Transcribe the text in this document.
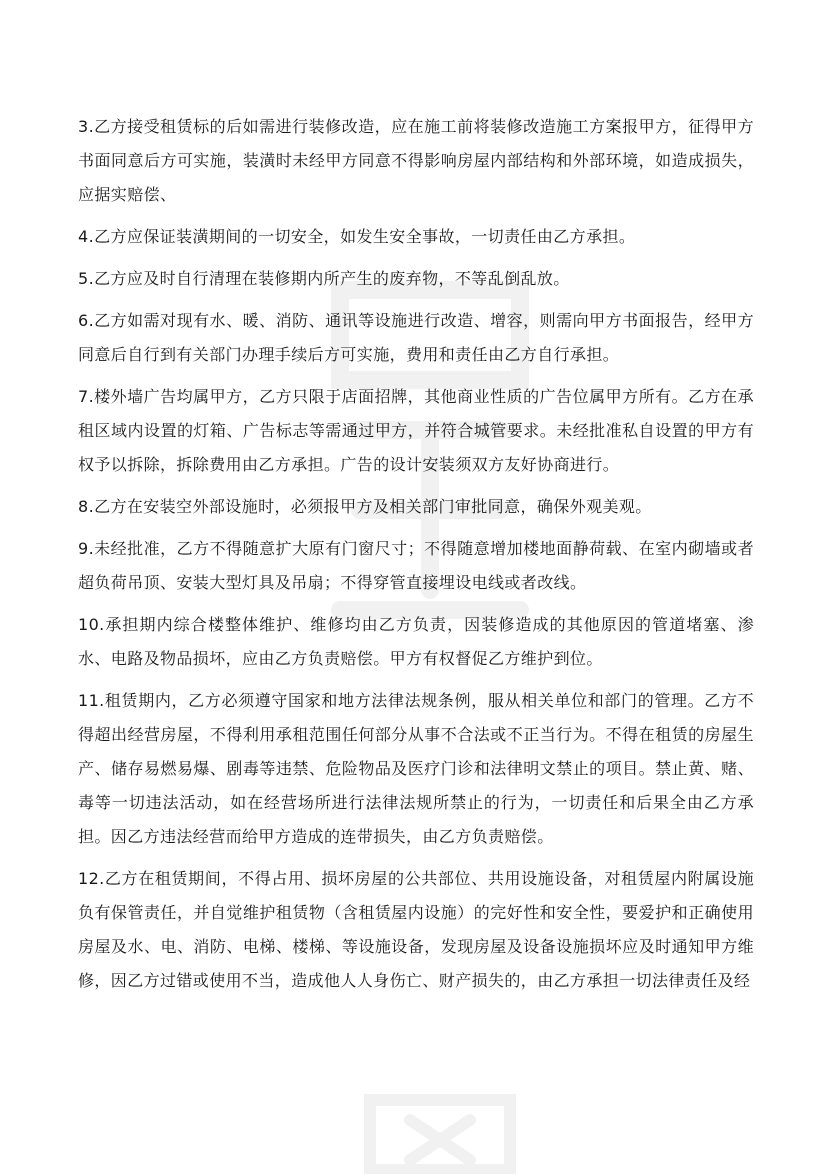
3.乙方接受租赁标的后如需进行装修改造，应在施工前将装修改造施工方案报甲方，征得甲方书面同意后方可实施，装潢时未经甲方同意不得影响房屋内部结构和外部环境，如造成损失，应据实赔偿、

4.乙方应保证装潢期间的一切安全，如发生安全事故，一切责任由乙方承担。

5.乙方应及时自行清理在装修期内所产生的废弃物，不等乱倒乱放。

6.乙方如需对现有水、暖、消防、通讯等设施进行改造、增容，则需向甲方书面报告，经甲方同意后自行到有关部门办理手续后方可实施，费用和责任由乙方自行承担。

7.楼外墙广告均属甲方，乙方只限于店面招牌，其他商业性质的广告位属甲方所有。乙方在承租区域内设置的灯箱、广告标志等需通过甲方，并符合城管要求。未经批准私自设置的甲方有权予以拆除，拆除费用由乙方承担。广告的设计安装须双方友好协商进行。

8.乙方在安装空外部设施时，必须报甲方及相关部门审批同意，确保外观美观。

9.未经批准，乙方不得随意扩大原有门窗尺寸；不得随意增加楼地面静荷载、在室内砌墙或者超负荷吊顶、安装大型灯具及吊扇；不得穿管直接埋设电线或者改线。

10.承担期内综合楼整体维护、维修均由乙方负责，因装修造成的其他原因的管道堵塞、渗水、电路及物品损坏，应由乙方负责赔偿。甲方有权督促乙方维护到位。

11.租赁期内，乙方必须遵守国家和地方法律法规条例，服从相关单位和部门的管理。乙方不得超出经营房屋，不得利用承租范围任何部分从事不合法或不正当行为。不得在租赁的房屋生产、储存易燃易爆、剧毒等违禁、危险物品及医疗门诊和法律明文禁止的项目。禁止黄、赌、毒等一切违法活动，如在经营场所进行法律法规所禁止的行为，一切责任和后果全由乙方承担。因乙方违法经营而给甲方造成的连带损失，由乙方负责赔偿。

12.乙方在租赁期间，不得占用、损坏房屋的公共部位、共用设施设备，对租赁屋内附属设施负有保管责任，并自觉维护租赁物（含租赁屋内设施）的完好性和安全性，要爱护和正确使用房屋及水、电、消防、电梯、楼梯、等设施设备，发现房屋及设备设施损坏应及时通知甲方维修，因乙方过错或使用不当，造成他人人身伤亡、财产损失的，由乙方承担一切法律责任及经
